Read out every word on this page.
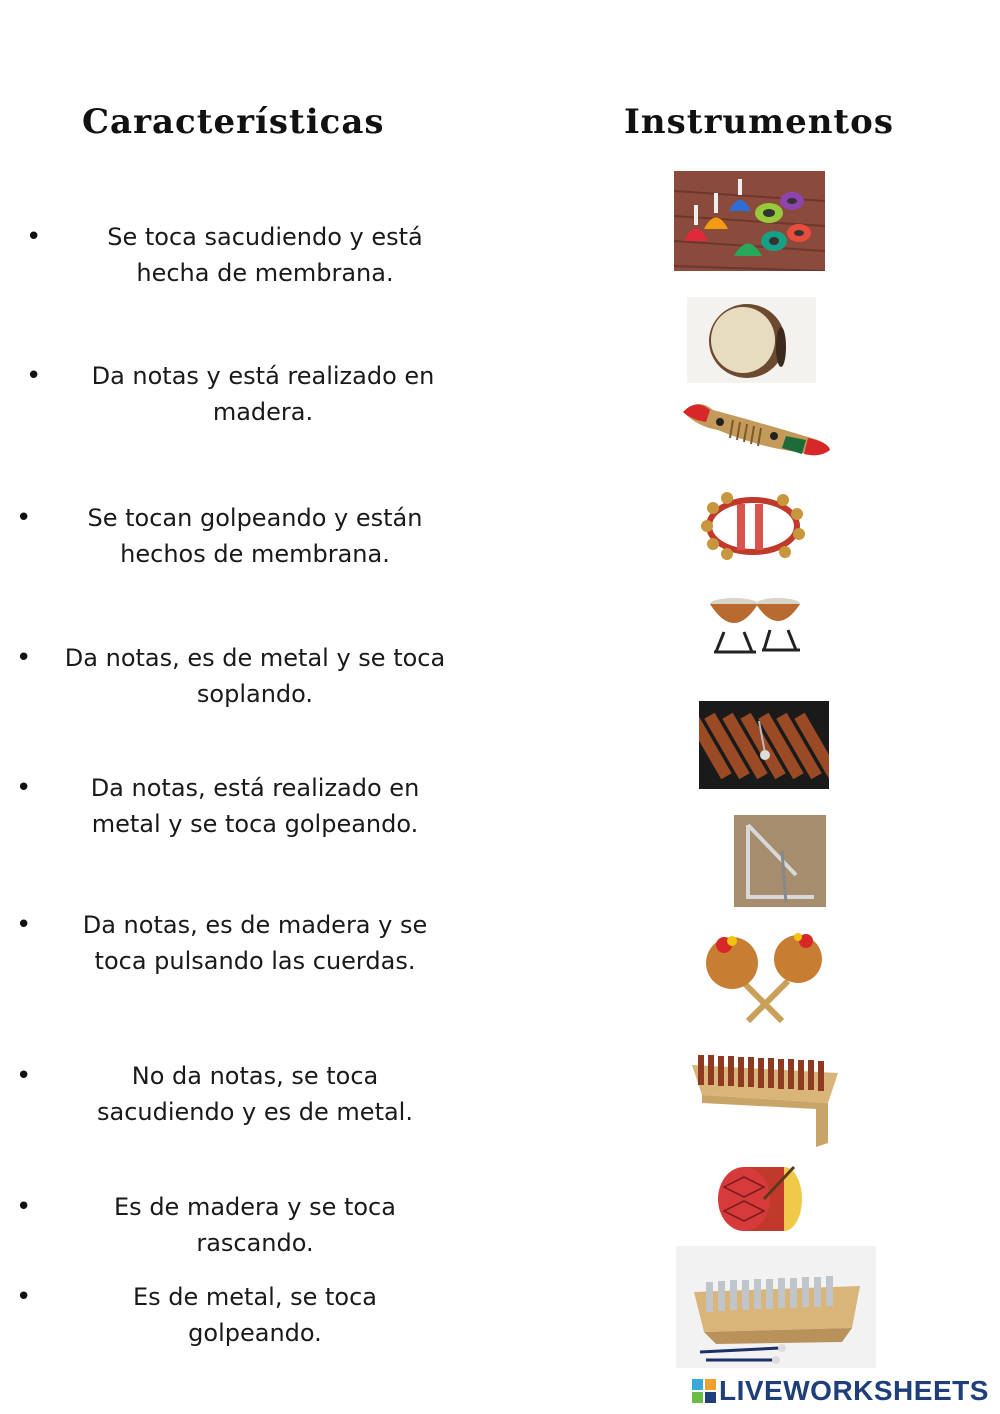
Características	Instrumentos
•	Se toca sacudiendo y está
hecha de membrana.
•	Da notas y está realizado en
madera.
•	Se tocan golpeando y están
hechos de membrana.
•	Da notas, es de metal y se toca
soplando.
•	Da notas, está realizado en
metal y se toca golpeando.
•	Da notas, es de madera y se
toca pulsando las cuerdas.
•	No da notas, se toca
sacudiendo y es de metal.
•	Es de madera y se toca
rascando.
•	Es de metal, se toca
golpeando.
LIVEWORKSHEETS
